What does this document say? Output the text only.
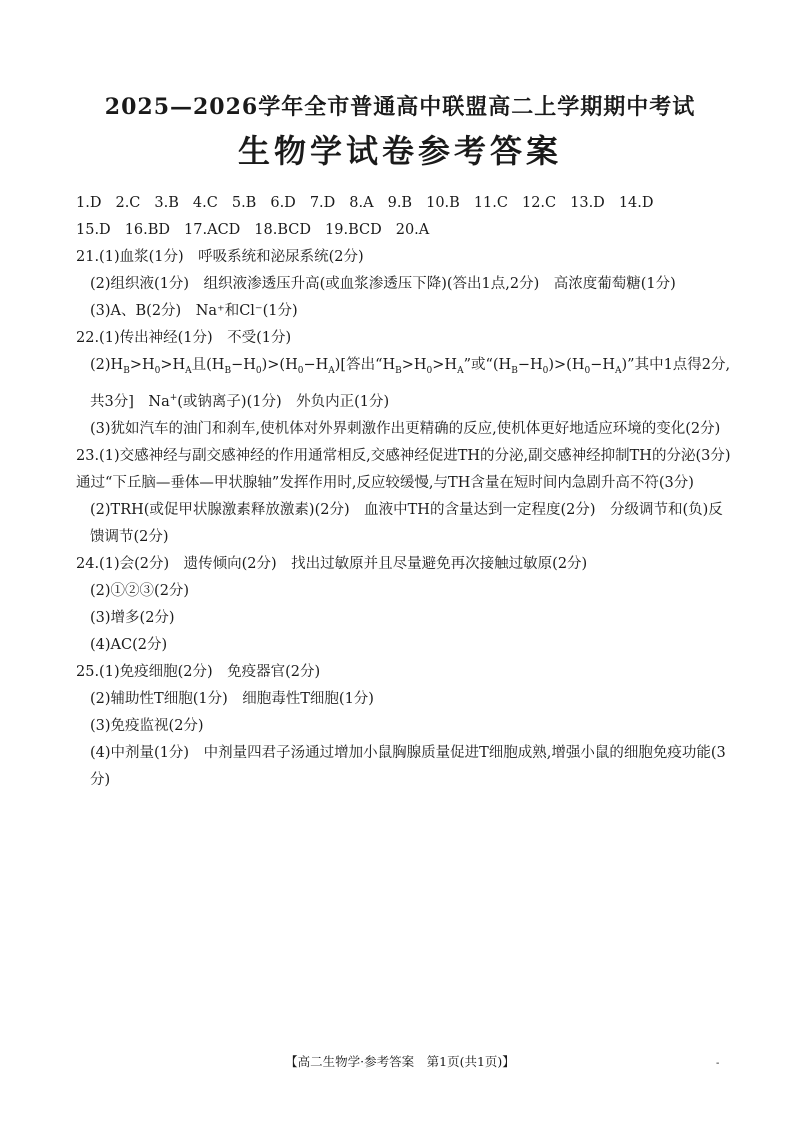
2025—2026学年全市普通高中联盟高二上学期期中考试
生物学试卷参考答案
1.D 2.C 3.B 4.C 5.B 6.D 7.D 8.A 9.B 10.B 11.C 12.C 13.D 14.D
15.D 16.BD 17.ACD 18.BCD 19.BCD 20.A
21.(1)血浆(1分)　呼吸系统和泌尿系统(2分)
(2)组织液(1分)　组织液渗透压升高(或血浆渗透压下降)(答出1点,2分)　高浓度葡萄糖(1分)
(3)A、B(2分)　Na⁺和Cl⁻(1分)
22.(1)传出神经(1分)　不受(1分)
$(2)H_B>H_0>H_A$且$(H_B-H_0)>(H_0-H_A)$[答出“$H_B>H_0>H_A$”或“$(H_B-H_0)>(H_0-H_A)$”其中1点得2分,共3分]　Na+(或钠离子)(1分)　外负内正(1分)
(3)犹如汽车的油门和刹车,使机体对外界刺激作出更精确的反应,使机体更好地适应环境的变化(2分)
23.(1)交感神经与副交感神经的作用通常相反,交感神经促进TH的分泌,副交感神经抑制TH的分泌(3分)　通过“下丘脑—垂体—甲状腺轴”发挥作用时,反应较缓慢,与TH含量在短时间内急剧升高不符(3分)
(2)TRH(或促甲状腺激素释放激素)(2分)　血液中TH的含量达到一定程度(2分)　分级调节和(负)反馈调节(2分)
24.(1)会(2分)　遗传倾向(2分)　找出过敏原并且尽量避免再次接触过敏原(2分)
(2)①②③(2分)
(3)增多(2分)
(4)AC(2分)
25.(1)免疫细胞(2分)　免疫器官(2分)
(2)辅助性T细胞(1分)　细胞毒性T细胞(1分)
(3)免疫监视(2分)
(4)中剂量(1分)　中剂量四君子汤通过增加小鼠胸腺质量促进T细胞成熟,增强小鼠的细胞免疫功能(3分)
【高二生物学·参考答案　第1页(共1页)】	-
